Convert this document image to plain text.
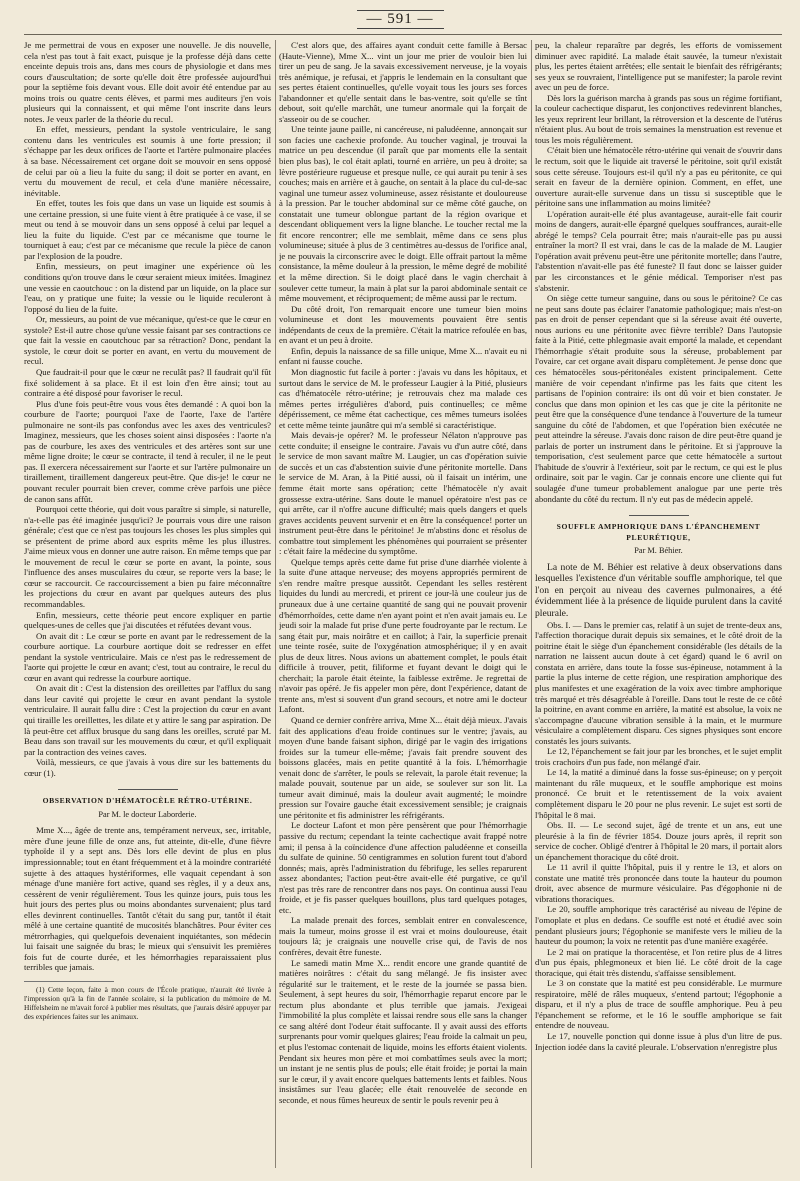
— 591 —

Je me permettrai de vous en exposer une nouvelle. Je dis nouvelle, cela n'est pas tout à fait exact, puisque je la professe déjà dans cette enceinte depuis trois ans, dans mes cours de physiologie et dans mes cours d'auscultation; de sorte qu'elle doit être professée aujourd'hui pour la septième fois devant vous. Elle doit avoir été entendue par au moins trois ou quatre cents élèves, et parmi mes auditeurs j'en vois plusieurs qui la connaissent, et qui même l'ont inscrite dans leurs notes. Je veux parler de la théorie du recul.

En effet, messieurs, pendant la systole ventriculaire, le sang contenu dans les ventricules est soumis à une forte pression; il s'échappe par les deux orifices de l'aorte et l'artère pulmonaire placées à sa base. Nécessairement cet organe doit se mouvoir en sens opposé de celui par où a lieu la fuite du sang; il doit se porter en avant, en vertu du mouvement de recul, et cela d'une manière nécessaire, inévitable.

En effet, toutes les fois que dans un vase un liquide est soumis à une certaine pression, si une fuite vient à être pratiquée à ce vase, il se meut ou tend à se mouvoir dans un sens opposé à celui par lequel a lieu la fuite du liquide. C'est par ce mécanisme que tourne le tourniquet à eau; c'est par ce mécanisme que recule la pièce de canon par l'explosion de la poudre.

Enfin, messieurs, on peut imaginer une expérience où les conditions qu'on trouve dans le cœur seraient mieux imitées. Imaginez une vessie en caoutchouc : on la distend par un liquide, on la place sur l'eau, on y pratique une fuite; la vessie ou le liquide reculeront à l'opposé du lieu de la fuite.

Or, messieurs, au point de vue mécanique, qu'est-ce que le cœur en systole? Est-il autre chose qu'une vessie faisant par ses contractions ce que fait la vessie en caoutchouc par sa rétraction? Donc, pendant la systole, le cœur doit se porter en avant, en vertu du mouvement de recul.

Que faudrait-il pour que le cœur ne reculât pas? Il faudrait qu'il fût fixé solidement à sa place. Et il est loin d'en être ainsi; tout au contraire a été disposé pour favoriser le recul.

Plus d'une fois peut-être vous vous êtes demandé : A quoi bon la courbure de l'aorte; pourquoi l'axe de l'aorte, l'axe de l'artère pulmonaire ne sont-ils pas confondus avec les axes des ventricules? Imaginez, messieurs, que les choses soient ainsi disposées : l'aorte n'a pas de courbure, les axes des ventricules et des artères sont sur une même ligne droite; le cœur se contracte, il tend à reculer, il ne le peut pas. Il exercera nécessairement sur l'aorte et sur l'artère pulmonaire un tiraillement, tiraillement dangereux peut-être. Que dis-je! le cœur ne pouvant reculer pourrait bien crever, comme crève parfois une pièce de canon sans affût.

Pourquoi cette théorie, qui doit vous paraître si simple, si naturelle, n'a-t-elle pas été imaginée jusqu'ici? Je pourrais vous dire une raison générale; c'est que ce n'est pas toujours les choses les plus simples qui se présentent de prime abord aux esprits même les plus illustres. J'aime mieux vous en donner une autre raison. En même temps que par le mouvement de recul le cœur se porte en avant, la pointe, sous l'influence des anses musculaires du cœur, se reporte vers la base; le cœur se raccourcit. Ce raccourcissement a bien pu faire méconnaître les projections du cœur en avant par quelques auteurs des plus recommandables.

Enfin, messieurs, cette théorie peut encore expliquer en partie quelques-unes de celles que j'ai discutées et réfutées devant vous.

On avait dit : Le cœur se porte en avant par le redressement de la courbure aortique. La courbure aortique doit se redresser en effet pendant la systole ventriculaire. Mais ce n'est pas le redressement de l'aorte qui projette le cœur en avant; c'est, tout au contraire, le recul du cœur en avant qui redresse la courbure aortique.

On avait dit : C'est la distension des oreillettes par l'afflux du sang dans leur cavité qui projette le cœur en avant pendant la systole ventriculaire. Il aurait fallu dire : C'est la projection du cœur en avant qui tiraille les oreillettes, les dilate et y attire le sang par aspiration. De là peut-être cet afflux brusque du sang dans les oreilles, scruté par M. Beau dans son travail sur les mouvements du cœur, et qu'il expliquait par la contraction des veines caves.

Voilà, messieurs, ce que j'avais à vous dire sur les battements du cœur (1).

OBSERVATION D'HÉMATOCÈLE RÉTRO-UTÉRINE.
Par M. le docteur Laborderie.

Mme X..., âgée de trente ans, tempérament nerveux, sec, irritable, mère d'une jeune fille de onze ans, fut atteinte, dit-elle, d'une fièvre typhoïde il y a sept ans. Dès lors elle devint de plus en plus impressionnable; tout en étant fréquemment et à la moindre contrariété sujette à des attaques hystériformes, elle vaquait cependant à son ménage d'une manière fort active, quand ses règles, il y a deux ans, cessèrent de venir régulièrement. Tous les quinze jours, puis tous les huit jours des pertes plus ou moins abondantes survenaient; plus tard elles devinrent continuelles. Tantôt c'était du sang pur, tantôt il était mêlé à une certaine quantité de mucosités blanchâtres. Pour éviter ces métrorrhagies, qui quelquefois devenaient inquiétantes, son médecin lui faisait une saignée du bras; le mieux qui s'ensuivit les premières fois fut de courte durée, et les hémorrhagies reparaissaient plus terribles que jamais.

(1) Cette leçon, faite à mon cours de l'École pratique, n'aurait été livrée à l'impression qu'à la fin de l'année scolaire, si la publication du mémoire de M. Hiffelsheim ne m'avait forcé à publier mes résultats, que j'aurais désiré appuyer par des expériences faites sur les animaux.

C'est alors que, des affaires ayant conduit cette famille à Bersac (Haute-Vienne), Mme X... vint un jour me prier de vouloir bien lui tirer un peu de sang. Je la savais excessivement nerveuse, je la voyais très anémique, je refusai, et j'appris le lendemain en la consultant que ses pertes étaient continuelles, qu'elle voyait tous les jours ses forces l'abandonner et qu'elle sentait dans le bas-ventre, soit qu'elle se tînt debout, soit qu'elle marchât, une tumeur anormale qui la forçait de s'asseoir ou de se coucher.

Une teinte jaune paille, ni cancéreuse, ni paludéenne, annonçait sur son facies une cachexie profonde. Au toucher vaginal, je trouvai la matrice un peu descendue (il paraît que par moments elle la sentait bien plus bas), le col était aplati, tourné en arrière, un peu à droite; sa lèvre postérieure rugueuse et presque nulle, ce qui aurait pu tenir à ses couches; mais en arrière et à gauche, on sentait à la place du cul-de-sac vaginal une tumeur assez volumineuse, assez résistante et douloureuse à la pression. Par le toucher abdominal sur ce même côté gauche, on constatait une tumeur oblongue partant de la région ovarique et descendant obliquement vers la ligne blanche. Le toucher rectal me la fit encore rencontrer; elle me semblait, même dans ce sens plus volumineuse; située à plus de 3 centimètres au-dessus de l'orifice anal, je ne pouvais la circonscrire avec le doigt. Elle offrait partout la même consistance, la même douleur à la pression, le même degré de mobilité et la même direction. Si le doigt placé dans le vagin cherchait à soulever cette tumeur, la main à plat sur la paroi abdominale sentait ce même mouvement, et réciproquement; de même aussi par le rectum.

Du côté droit, l'on remarquait encore une tumeur bien moins volumineuse et dont les mouvements pouvaient être sentis indépendants de ceux de la première. C'était la matrice refoulée en bas, en avant et un peu à droite.

Enfin, depuis la naissance de sa fille unique, Mme X... n'avait eu ni enfant ni fausse couche.

Mon diagnostic fut facile à porter : j'avais vu dans les hôpitaux, et surtout dans le service de M. le professeur Laugier à la Pitié, plusieurs cas d'hématocèle rétro-utérine; je retrouvais chez ma malade ces mêmes pertes irrégulières d'abord, puis continuelles; ce même dépérissement, ce même état cachectique, ces mêmes tumeurs isolées et cette même teinte jaunâtre qui m'a semblé si caractéristique.

Mais devais-je opérer? M. le professeur Nélaton n'approuve pas cette conduite; il enseigne le contraire. J'avais vu d'un autre côté, dans le service de mon savant maître M. Laugier, un cas d'opération suivie de succès et un cas d'abstention suivie d'une péritonite mortelle. Dans le service de M. Aran, à la Pitié aussi, où il faisait un intérim, une femme était morte sans opération; cette l'hématocèle n'y avait grossesse extra-utérine. Sans doute le manuel opératoire n'est pas ce qui arrête, car il n'offre aucune difficulté; mais quels dangers et quels graves accidents peuvent survenir et en être la conséquence! porter un instrument peut-être dans le péritoine! Je m'abstins donc et résolus de combattre tout simplement les phénomènes qui pourraient se présenter : c'était faire la médecine du symptôme.

Quelque temps après cette dame fut prise d'une diarrhée violente à la suite d'une attaque nerveuse; des moyens appropriés permirent de s'en rendre maître presque aussitôt. Cependant les selles restèrent liquides du lundi au mercredi, et prirent ce jour-là une couleur jus de pruneaux due à une certaine quantité de sang qui ne pouvait provenir d'hémorrhoïdes, cette dame n'en ayant point et n'en avait jamais eu. Le jeudi soir la malade fut prise d'une perte foudroyante par le rectum. Le sang était pur, mais noirâtre et en caillot; à l'air, la superficie prenait une teinte rosée, suite de l'oxygénation atmosphérique; il y en avait plus de deux litres. Nous avions un abattement complet, le pouls était difficile à trouver, petit, filiforme et fuyant devant le doigt qui le cherchait; la parole était éteinte, la faiblesse extrême. Je regrettai de n'avoir pas opéré. Je fis appeler mon père, dont l'expérience, datant de trente ans, m'est si souvent d'un grand secours, et notre ami le docteur Lafont.

Quand ce dernier confrère arriva, Mme X... était déjà mieux. J'avais fait des applications d'eau froide continues sur le ventre; j'avais, au moyen d'une bande faisant siphon, dirigé par le vagin des irrigations froides sur la tumeur elle-même; j'avais fait prendre souvent des boissons glacées, mais en petite quantité à la fois. L'hémorrhagie venait donc de s'arrêter, le pouls se relevait, la parole était revenue; la malade pouvait, soutenue par un aide, se soulever sur son lit. La tumeur avait diminué, mais la douleur avait augmenté; le moindre pression sur l'ovaire gauche était excessivement sensible; je craignais une péritonite et fis administrer les réfrigérants.

Le docteur Lafont et mon père pensèrent que pour l'hémorrhagie passive du rectum; cependant la teinte cachectique avait frappé notre ami; il pensa à la coïncidence d'une affection paludéenne et conseilla du sulfate de quinine. 50 centigrammes en solution furent tout d'abord donnés; mais, après l'administration du fébrifuge, les selles reparurent assez abondantes; l'action peut-être avait-elle été purgative, ce qu'il n'est pas très rare de rencontrer dans nos pays. On continua aussi l'eau froide, et je fis passer quelques bouillons, plus tard quelques potages, etc.

La malade prenait des forces, semblait entrer en convalescence, mais la tumeur, moins grosse il est vrai et moins douloureuse, était toujours là; je craignais une nouvelle crise qui, de l'avis de nos confrères, devait être funeste.

Le samedi matin Mme X... rendit encore une grande quantité de matières noirâtres : c'était du sang mélangé. Je fis insister avec régularité sur le traitement, et le reste de la journée se passa bien. Seulement, à sept heures du soir, l'hémorrhagie reparut encore par le rectum plus abondante et plus terrible que jamais. J'exigeai l'immobilité la plus complète et laissai rendre sous elle sans la changer ce sang altéré dont l'odeur était suffocante. Il y avait aussi des efforts surprenants pour vomir quelques glaires; l'eau froide la calmait un peu, et plus l'estomac contenait de liquide, moins les efforts étaient violents. Pendant six heures mon père et moi combattîmes seuls avec la mort; un instant je ne sentis plus de pouls; elle était froide; je portai la main sur le cœur, il y avait encore quelques battements lents et faibles. Nous insistâmes sur l'eau glacée; elle était renouvelée de seconde en seconde, et nous fûmes heureux de sentir le pouls revenir peu à

peu, la chaleur reparaître par degrés, les efforts de vomissement diminuer avec rapidité. La malade était sauvée, la tumeur n'existait plus, les pertes étaient arrêtées; elle sentait le bienfait des réfrigérants; ses yeux se rouvraient, l'intelligence put se manifester; la parole revint avec un peu de force.

Dès lors la guérison marcha à grands pas sous un régime fortifiant, la couleur cachectique disparut, les conjonctives redevinrent blanches, les yeux reprirent leur brillant, la rétroversion et la descente de l'utérus n'étaient plus. Au bout de trois semaines la menstruation est revenue et tous les mois régulièrement.

C'était bien une hématocèle rétro-utérine qui venait de s'ouvrir dans le rectum, soit que le liquide ait traversé le péritoine, soit qu'il existât sous cette séreuse. Toujours est-il qu'il n'y a pas eu péritonite, ce qui serait en faveur de la dernière opinion. Comment, en effet, une ouverture aurait-elle survenue dans un tissu si susceptible que le péritoine sans une inflammation au moins limitée?

L'opération aurait-elle été plus avantageuse, aurait-elle fait courir moins de dangers, aurait-elle épargné quelques souffrances, aurait-elle abrégé le temps? Cela pourrait être; mais n'aurait-elle pas pu aussi entraîner la mort? Il est vrai, dans le cas de la malade de M. Laugier l'opération avait prévenu peut-être une péritonite mortelle; dans l'autre, l'abstention n'avait-elle pas été funeste? Il faut donc se laisser guider par les circonstances et le génie médical. Temporiser n'est pas s'abstenir.

On siège cette tumeur sanguine, dans ou sous le péritoine? Ce cas ne peut sans doute pas éclairer l'anatomie pathologique; mais n'est-on pas en droit de penser cependant que si la séreuse avait été ouverte, nous aurions eu une péritonite avec fièvre terrible? Dans l'autopsie faite à la Pitié, cette phlegmasie avait emporté la malade, et cependant l'hémorrhagie s'était produite sous la séreuse, probablement par l'ovaire, car cet organe avait disparu complètement. Je pense donc que ces hématocèles sous-péritonéales existent principalement. Cette manière de voir cependant n'infirme pas les faits que citent les partisans de l'opinion contraire: ils ont dû voir et bien constater. Je conclus que dans mon opinion et les cas que je cite la péritonite ne peut être que la conséquence d'une tendance à l'ouverture de la tumeur sanguine du côté de l'abdomen, et que l'opération bien exécutée ne peut atteindre la séreuse. J'avais donc raison de dire peut-être quand je parlais de porter un instrument dans le péritoine. Et si j'approuve la temporisation, c'est seulement parce que cette hématocèle a surtout l'habitude de s'ouvrir à l'extérieur, soit par le rectum, ce qui est le plus ordinaire, soit par le vagin. Car je connais encore une cliente qui fut soulagée d'une tumeur probablement analogue par une perte très abondante du côté du rectum. Il n'y eut pas de médecin appelé.

SOUFFLE AMPHORIQUE DANS L'ÉPANCHEMENT PLEURÉTIQUE,
Par M. Béhier.

La note de M. Béhier est relative à deux observations dans lesquelles l'existence d'un véritable souffle amphorique, tel que l'on en perçoit au niveau des cavernes pulmonaires, a été évidemment liée à la présence de liquide purulent dans la cavité pleurale.

Obs. I. — Dans le premier cas, relatif à un sujet de trente-deux ans, l'affection thoracique durait depuis six semaines, et le côté droit de la poitrine était le siège d'un épanchement considérable (les détails de la narration ne laissent aucun doute à cet égard) quand le 6 avril on constata en arrière, dans toute la fosse sus-épineuse, notamment à la partie la plus interne de cette région, une respiration amphorique des plus manifestes et une exagération de la voix avec timbre amphorique très marqué et très désagréable à l'oreille. Dans tout le reste de ce côté la poitrine, en avant comme en arrière, la matité est absolue, la voix ne s'accompagne d'aucune vibration sensible à la main, et le murmure vésiculaire a complètement disparu. Ces signes physiques sont encore constatés les jours suivants.

Le 12, l'épanchement se fait jour par les bronches, et le sujet emplit trois crachoirs d'un pus fade, non mélangé d'air.

Le 14, la matité a diminué dans la fosse sus-épineuse; on y perçoit maintenant du râle muqueux, et le souffle amphorique est moins prononcé. Ce bruit et le retentissement de la voix avaient complètement disparu le 20 pour ne plus revenir. Le sujet est sorti de l'hôpital le 8 mai.

Obs. II. — Le second sujet, âgé de trente et un ans, eut une pleurésie à la fin de février 1854. Douze jours après, il reprit son service de cocher. Obligé d'entrer à l'hôpital le 20 mars, il portait alors un épanchement thoracique du côté droit.

Le 11 avril il quitte l'hôpital, puis il y rentre le 13, et alors on constate une matité très prononcée dans toute la hauteur du poumon droit, avec absence de murmure vésiculaire. Pas d'égophonie ni de vibrations thoraciques.

Le 20, souffle amphorique très caractérisé au niveau de l'épine de l'omoplate et plus en dedans. Ce souffle est noté et étudié avec soin pendant plusieurs jours; l'égophonie se manifeste vers le milieu de la hauteur du poumon; la voix ne retentit pas d'une manière exagérée.

Le 2 mai on pratique la thoracentèse, et l'on retire plus de 4 litres d'un pus épais, phlegmoneux et bien lié. Le côté droit de la cage thoracique, qui était très distendu, s'affaisse sensiblement.

Le 3 on constate que la matité est peu considérable. Le murmure respiratoire, mêlé de râles muqueux, s'entend partout; l'égophonie a disparu, et il n'y a plus de trace de souffle amphorique. Peu à peu l'épanchement se reforme, et le 16 le souffle amphorique se fait entendre de nouveau.

Le 17, nouvelle ponction qui donne issue à plus d'un litre de pus. Injection iodée dans la cavité pleurale. L'observation n'enregistre plus
